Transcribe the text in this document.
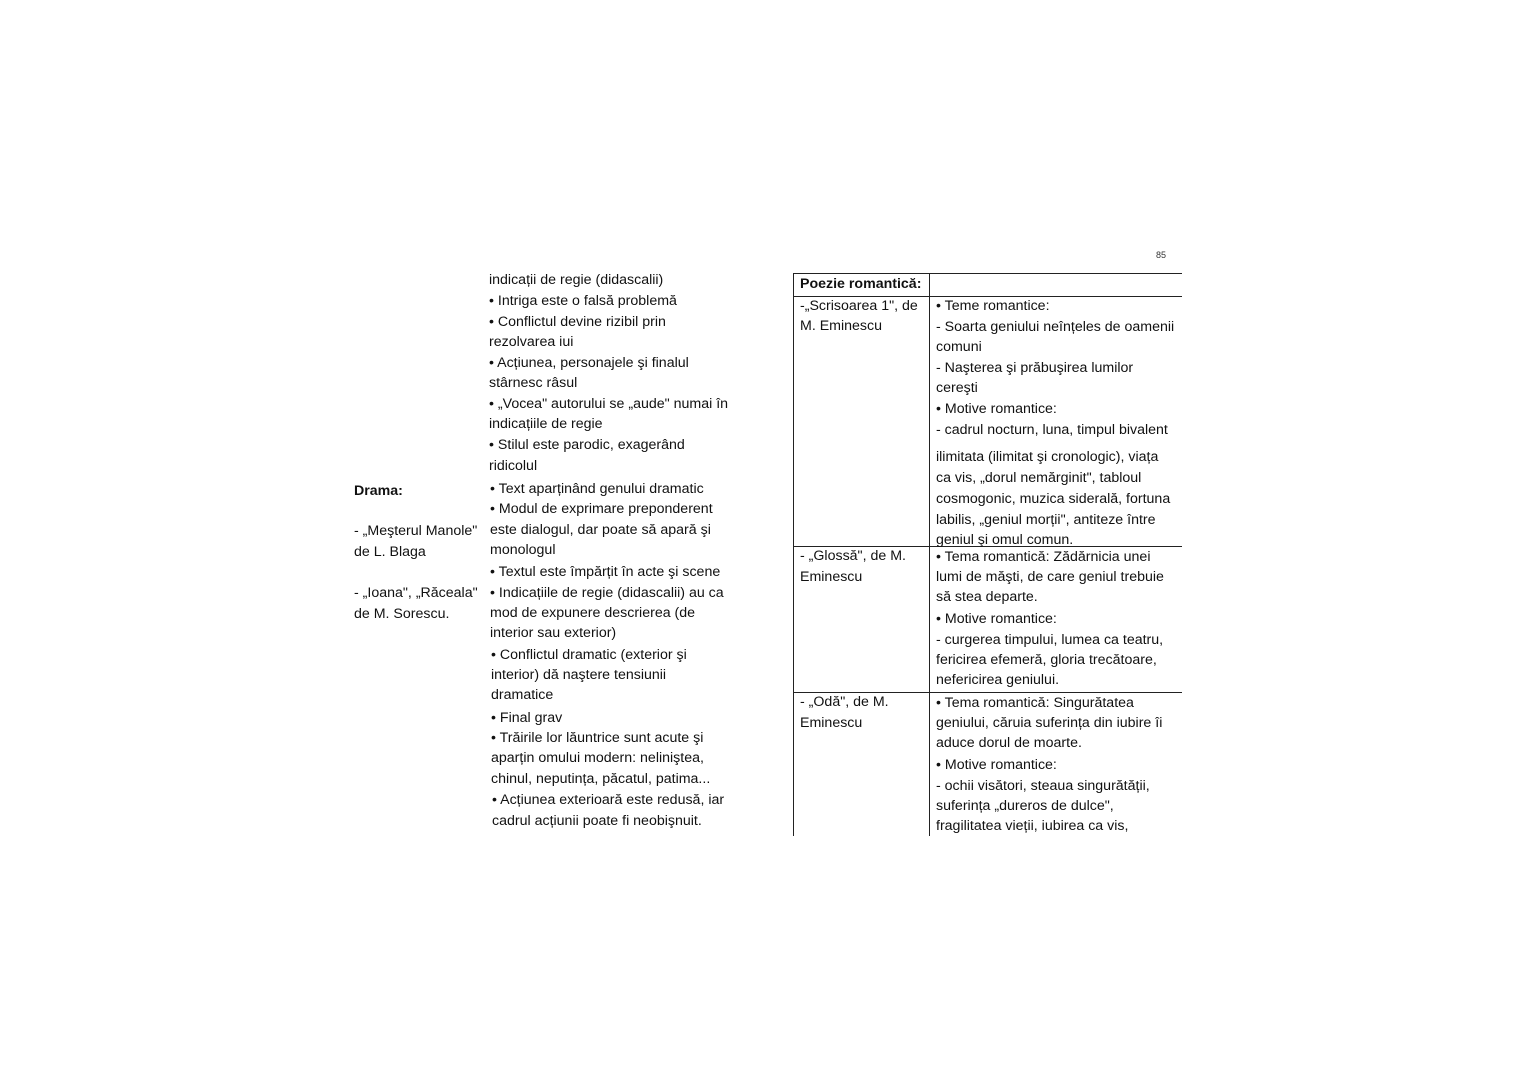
85
Drama:
- „Meşterul Manole"
de L. Blaga
- „Ioana", „Răceala"
de M. Sorescu.
indicații de regie (didascalii)
• Intriga este o falsă problemă
• Conflictul devine rizibil prin
rezolvarea iui
• Acțiunea, personajele şi finalul
stârnesc râsul
• „Vocea" autorului se „aude" numai în
indicațiile de regie
• Stilul este parodic, exagerând
ridicolul
• Text aparținând genului dramatic
• Modul de exprimare preponderent
este dialogul, dar poate să apară şi
monologul
• Textul este împărțit în acte şi scene
• Indicațiile de regie (didascalii) au ca
mod de expunere descrierea (de
interior sau exterior)
• Conflictul dramatic (exterior şi
interior) dă naştere tensiunii
dramatice
• Final grav
• Trăirile lor lăuntrice sunt acute şi
aparțin omului modern: neliniştea,
chinul, neputința, păcatul, patima...
• Acțiunea exterioară este redusă, iar
cadrul acțiunii poate fi neobişnuit.
Poezie romantică:
-„Scrisoarea 1", de
M. Eminescu
• Teme romantice:
- Soarta geniului neînțeles de oamenii
comuni
- Naşterea şi prăbuşirea lumilor
cereşti
• Motive romantice:
- cadrul nocturn, luna, timpul bivalent
ilimitata (ilimitat şi cronologic), viața
ca vis, „dorul nemărginit", tabloul
cosmogonic, muzica siderală, fortuna
labilis, „geniul morții", antiteze între
geniul şi omul comun.
- „Glossă", de M.
Eminescu
• Tema romantică: Zădărnicia unei
lumi de măşti, de care geniul trebuie
să stea departe.
• Motive romantice:
- curgerea timpului, lumea ca teatru,
fericirea efemeră, gloria trecătoare,
nefericirea geniului.
- „Odă", de M.
Eminescu
• Tema romantică: Singurătatea
geniului, căruia suferința din iubire îi
aduce dorul de moarte.
• Motive romantice:
- ochii visători, steaua singurătății,
suferința „dureros de dulce",
fragilitatea vieții, iubirea ca vis,
